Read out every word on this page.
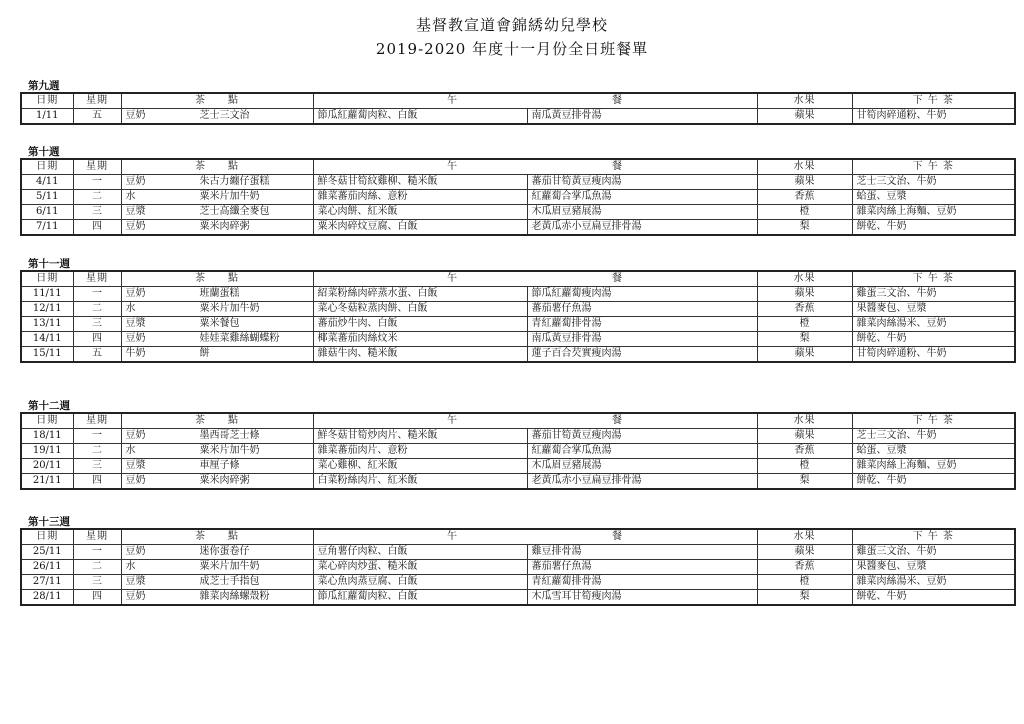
基督教宣道會錦綉幼兒學校
2019-2020 年度十一月份全日班餐單
第九週
日期	星期	茶　　點	午　　　　　　　　　　　　　　餐		水果	下 午 茶
1/11	五	豆奶 芝士三文治	節瓜紅蘿蔔肉粒、白飯	南瓜黃豆排骨湯	蘋果	甘筍肉碎通粉、牛奶
第十週
日期	星期	茶　　點	午　　　　　　　　　　　　　　餐		水果	下 午 茶
4/11	一	豆奶 朱古力纏仔蛋糕	鮮冬菇甘筍紋雞柳、糙米飯	蕃茄甘筍黃豆瘦肉湯	蘋果	芝士三文治、牛奶
5/11	二	水 粟米片加牛奶	雜菜蕃茄肉絲、意粉	紅蘿蔔合掌瓜魚湯	香蕉	蛤蛋、豆漿
6/11	三	豆漿 芝士高纖全麥包	菜心肉餅、紅米飯	木瓜眉豆豬展湯	橙	雜菜肉絲上海麵、豆奶
7/11	四	豆奶 粟米肉碎粥	粟米肉碎炆豆腐、白飯	老黃瓜赤小豆扁豆排骨湯	梨	餅乾、牛奶
第十一週
日期	星期	茶　　點	午　　　　　　　　　　　　　　餐		水果	下 午 茶
11/11	一	豆奶 班蘭蛋糕	紹菜粉絲肉碎蒸水蛋、白飯	節瓜紅蘿蔔瘦肉湯	蘋果	雞蛋三文治、牛奶
12/11	二	水 粟米片加牛奶	菜心冬菇粒蒸肉餅、白飯	蕃茄薯仔魚湯	香蕉	果醬麥包、豆漿
13/11	三	豆漿 粟米餐包	蕃茄炒牛肉、白飯	青紅蘿蔔排骨湯	橙	雜菜肉絲湯米、豆奶
14/11	四	豆奶 娃娃菜雞絲蝴蝶粉	椰菜蕃茄肉絲炆米	南瓜黃豆排骨湯	梨	餅乾、牛奶
15/11	五	牛奶 餅	雜菇牛肉、糙米飯	蓮子百合芡實瘦肉湯	蘋果	甘筍肉碎通粉、牛奶
第十二週
日期	星期	茶　　點	午　　　　　　　　　　　　　　餐		水果	下 午 茶
18/11	一	豆奶 墨西哥芝士條	鮮冬菇甘筍炒肉片、糙米飯	蕃茄甘筍黃豆瘦肉湯	蘋果	芝士三文治、牛奶
19/11	二	水 粟米片加牛奶	雜菜蕃茄肉片、意粉	紅蘿蔔合掌瓜魚湯	香蕉	蛤蛋、豆漿
20/11	三	豆漿 車厘子條	菜心雞柳、紅米飯	木瓜眉豆豬展湯	橙	雜菜肉絲上海麵、豆奶
21/11	四	豆奶 粟米肉碎粥	白菜粉絲肉片、紅米飯	老黃瓜赤小豆扁豆排骨湯	梨	餅乾、牛奶
第十三週
日期	星期	茶　　點	午　　　　　　　　　　　　　　餐		水果	下 午 茶
25/11	一	豆奶 迷你蛋卷仔	豆角薯仔肉粒、白飯	雞豆排骨湯	蘋果	雞蛋三文治、牛奶
26/11	二	水 粟米片加牛奶	菜心碎肉炒蛋、糙米飯	蕃茄薯仔魚湯	香蕉	果醬麥包、豆漿
27/11	三	豆漿 成芝士手指包	菜心魚肉蒸豆腐、白飯	青紅蘿蔔排骨湯	橙	雜菜肉絲湯米、豆奶
28/11	四	豆奶 雜菜肉絲螺殼粉	節瓜紅蘿蔔肉粒、白飯	木瓜雪耳甘筍瘦肉湯	梨	餅乾、牛奶
